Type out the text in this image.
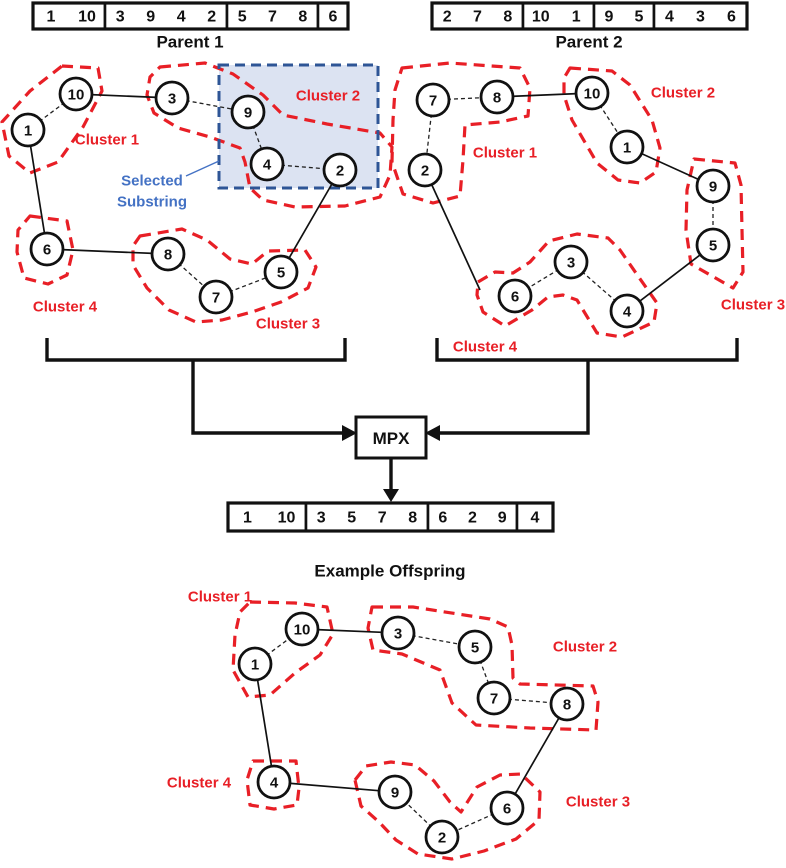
MPX
10
1
3
9
4	2
6	8
7
5
7	8
2
10
1
9
5
3
6
4
10
1
3
5
7	8
4
9
2
6
Cluster 1
Cluster 2
Cluster 3
Cluster 4
Cluster 1
Cluster 2
Cluster 3
Cluster 4
Cluster 1
Cluster 2
Cluster 3
Cluster 4
Selected
Substring
1 10 3 9 4 2 5 7 8 6
Parent 1
2 7 8 10 1 9 5 4 3 6
Parent 2
1 10 3 5 7 8 6 2 9 4
Example Offspring
